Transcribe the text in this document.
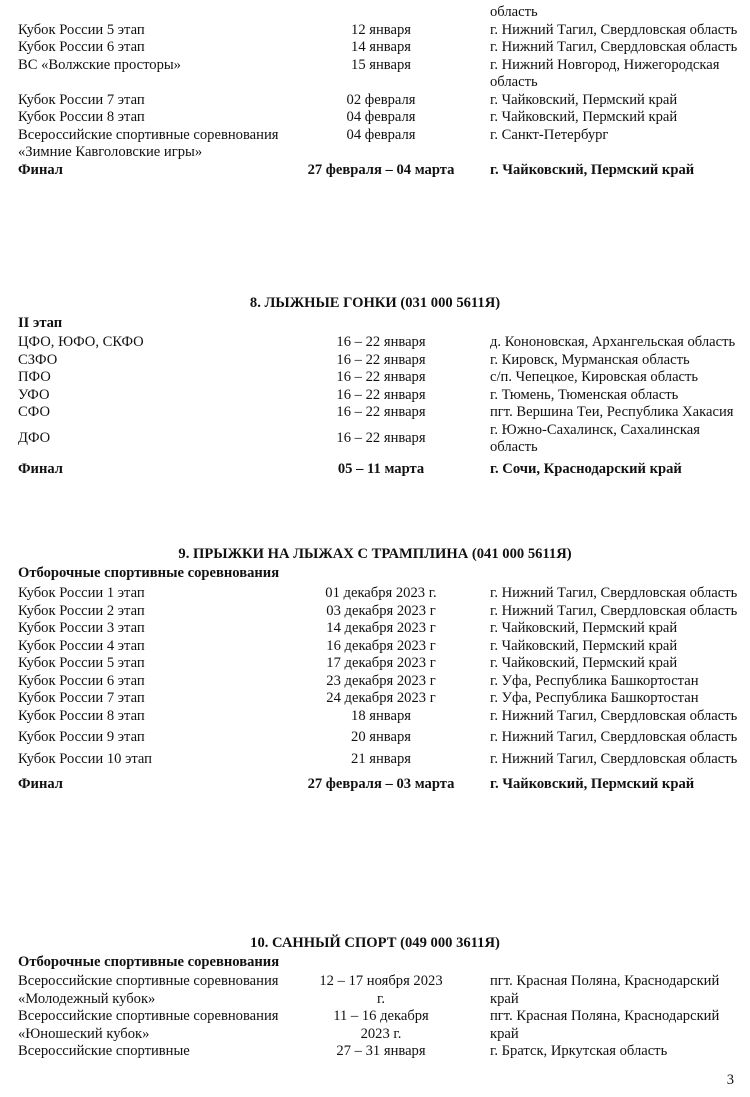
		область
Кубок России 5 этап	12 января	г. Нижний Тагил, Свердловская область
Кубок России 6 этап	14 января	г. Нижний Тагил, Свердловская область
ВС «Волжские просторы»	15 января	г. Нижний Новгород, Нижегородская область
Кубок России 7 этап	02 февраля	г. Чайковский, Пермский край
Кубок России 8 этап	04 февраля	г. Чайковский, Пермский край
Всероссийские спортивные соревнования «Зимние Кавголовские игры»	04 февраля	г. Санкт-Петербург
Финал	27 февраля – 04 марта	г. Чайковский, Пермский край
8. ЛЫЖНЫЕ ГОНКИ (031 000 5611Я)
II этап
ЦФО, ЮФО, СКФО	16 – 22 января	д. Кононовская, Архангельская область
СЗФО	16 – 22 января	г. Кировск, Мурманская область
ПФО	16 – 22 января	с/п. Чепецкое, Кировская область
УФО	16 – 22 января	г. Тюмень, Тюменская область
СФО	16 – 22 января	пгт. Вершина Теи, Республика Хакасия
ДФО	16 – 22 января	г. Южно-Сахалинск, Сахалинская область
Финал	05 – 11 марта	г. Сочи, Краснодарский край
9. ПРЫЖКИ НА ЛЫЖАХ С ТРАМПЛИНА (041 000 5611Я)
Отборочные спортивные соревнования
Кубок России 1 этап	01 декабря 2023 г.	г. Нижний Тагил, Свердловская область
Кубок России 2 этап	03 декабря 2023 г	г. Нижний Тагил, Свердловская область
Кубок России 3 этап	14 декабря 2023 г	г. Чайковский, Пермский край
Кубок России 4 этап	16 декабря 2023 г	г. Чайковский, Пермский край
Кубок России 5 этап	17 декабря 2023 г	г. Чайковский, Пермский край
Кубок России 6 этап	23 декабря 2023 г	г. Уфа, Республика Башкортостан
Кубок России 7 этап	24 декабря 2023 г	г. Уфа, Республика Башкортостан
Кубок России 8 этап	18 января	г. Нижний Тагил, Свердловская область
Кубок России 9 этап	20 января	г. Нижний Тагил, Свердловская область
Кубок России 10 этап	21 января	г. Нижний Тагил, Свердловская область
Финал	27 февраля – 03 марта	г. Чайковский, Пермский край
10. САННЫЙ СПОРТ (049 000 3611Я)
Отборочные спортивные соревнования
Всероссийские спортивные соревнования «Молодежный кубок»	12 – 17 ноября 2023 г.	пгт. Красная Поляна, Краснодарский край
Всероссийские спортивные соревнования «Юношеский кубок»	11 – 16 декабря 2023 г.	пгт. Красная Поляна, Краснодарский край
Всероссийские спортивные	27 – 31 января	г. Братск, Иркутская область
3
